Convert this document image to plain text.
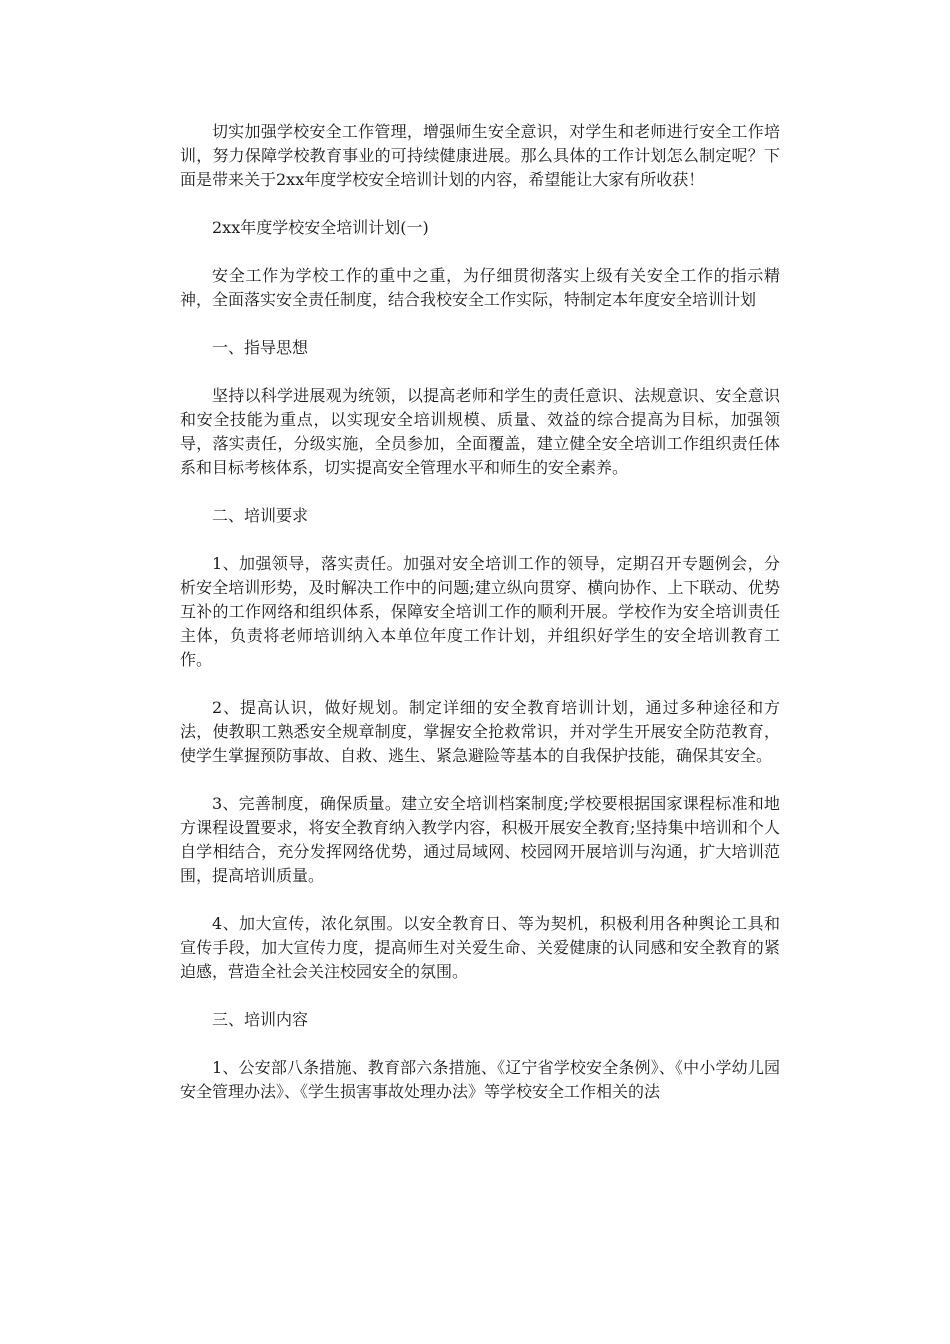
切实加强学校安全工作管理，增强师生安全意识，对学生和老师进行安全工作培训，努力保障学校教育事业的可持续健康进展。那么具体的工作计划怎么制定呢？下面是带来关于2xx年度学校安全培训计划的内容，希望能让大家有所收获！

2xx年度学校安全培训计划(一)

安全工作为学校工作的重中之重，为仔细贯彻落实上级有关安全工作的指示精神，全面落实安全责任制度，结合我校安全工作实际，特制定本年度安全培训计划

一、指导思想

坚持以科学进展观为统领，以提高老师和学生的责任意识、法规意识、安全意识和安全技能为重点，以实现安全培训规模、质量、效益的综合提高为目标，加强领导，落实责任，分级实施，全员参加，全面覆盖，建立健全安全培训工作组织责任体系和目标考核体系，切实提高安全管理水平和师生的安全素养。

二、培训要求

1、加强领导，落实责任。加强对安全培训工作的领导，定期召开专题例会，分析安全培训形势，及时解决工作中的问题;建立纵向贯穿、横向协作、上下联动、优势互补的工作网络和组织体系，保障安全培训工作的顺利开展。学校作为安全培训责任主体，负责将老师培训纳入本单位年度工作计划，并组织好学生的安全培训教育工作。

2、提高认识，做好规划。制定详细的安全教育培训计划，通过多种途径和方法，使教职工熟悉安全规章制度，掌握安全抢救常识，并对学生开展安全防范教育，使学生掌握预防事故、自救、逃生、紧急避险等基本的自我保护技能，确保其安全。

3、完善制度，确保质量。建立安全培训档案制度;学校要根据国家课程标准和地方课程设置要求，将安全教育纳入教学内容，积极开展安全教育;坚持集中培训和个人自学相结合，充分发挥网络优势，通过局域网、校园网开展培训与沟通，扩大培训范围，提高培训质量。

4、加大宣传，浓化氛围。以安全教育日、等为契机，积极利用各种舆论工具和宣传手段，加大宣传力度，提高师生对关爱生命、关爱健康的认同感和安全教育的紧迫感，营造全社会关注校园安全的氛围。

三、培训内容

1、公安部八条措施、教育部六条措施、《辽宁省学校安全条例》、《中小学幼儿园安全管理办法》、《学生损害事故处理办法》等学校安全工作相关的法
